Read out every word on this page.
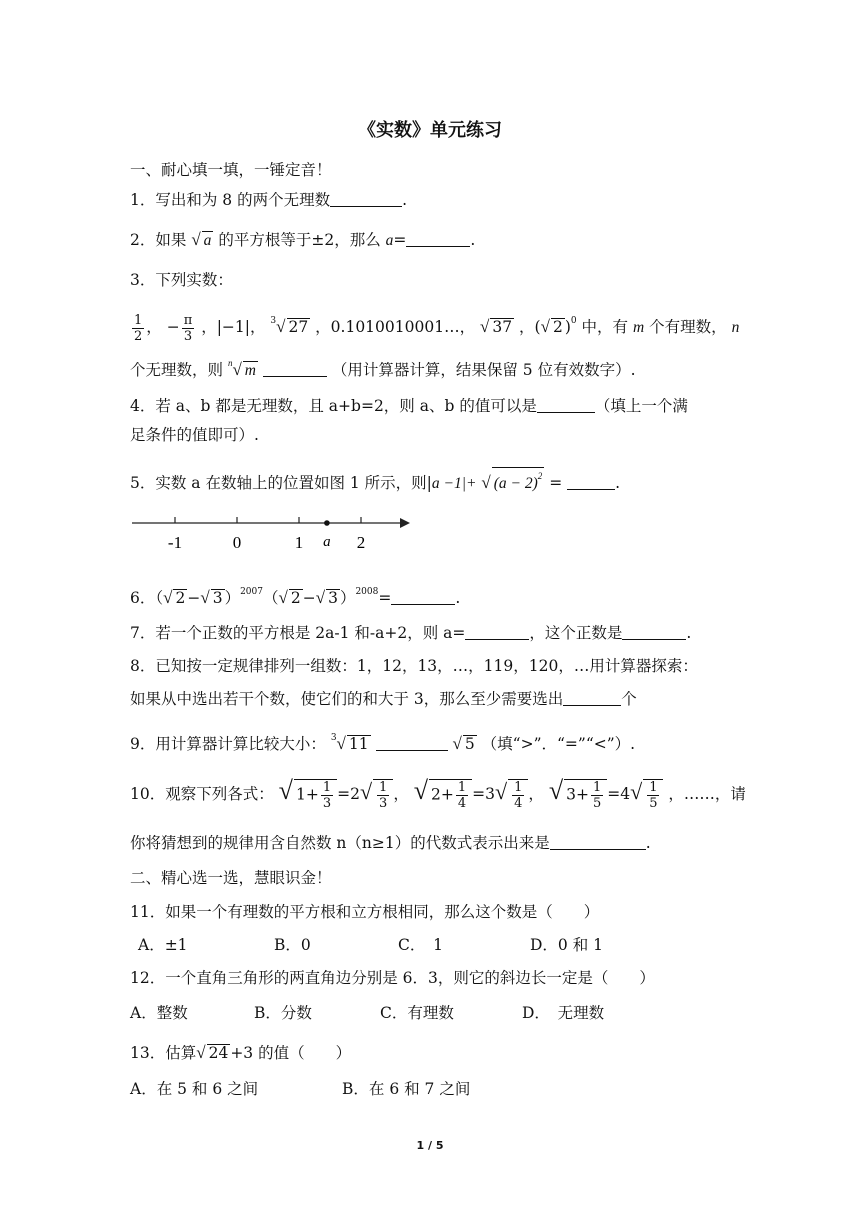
《实数》单元练习
一、耐心填一填，一锤定音！
1．写出和为 8 的两个无理数	.
2．如果 √ a 的平方根等于±2，那么 a=	.
3．下列实数：
$\frac{1}{2}$ ， − $\frac{\pi}{3}$ ，|−1|， $^3$√ 27 ，0.1010010001…， √ 37 ，(√ 2 )$^0$ 中，有 m 个有理数， n
个无理数，则 $^n$√ m	（用计算器计算，结果保留 5 位有效数字）.
4．若 a、b 都是无理数，且 a+b=2，则 a、b 的值可以是	（填上一个满
足条件的值即可）.
5．实数 a 在数轴上的位置如图 1 所示，则|a −1|+ √ $(a - 2)^2$ =	.
-1	0	1	2
a
6．（√ 2 −√ 3 ）$^{2007}$（√ 2 −√ 3 ）$^{2008}$=	.
7．若一个正数的平方根是 2a-1 和-a+2，则 a=	，这个正数是	.
8．已知按一定规律排列一组数：1，12，13，…，119，120，…用计算器探索：
如果从中选出若干个数，使它们的和大于 3，那么至少需要选出	个
9．用计算器计算比较大小： $^3$√ 11	√ 5 （填“>”．“=”“<”）.
10．观察下列各式： √ $1+ \frac{1}{3} =2√ \frac{1}{3}$ ， √ $2+ \frac{1}{4} =3√ \frac{1}{4}$ ， √ $3+ \frac{1}{5} =4√ \frac{1}{5}$ ，……，请
你将猜想到的规律用含自然数 n（n≥1）的代数式表示出来是	.
二、精心选一选，慧眼识金！
11．如果一个有理数的平方根和立方根相同，那么这个数是（　　）
A．±1	B．0	C．　1	D．0 和 1
12．一个直角三角形的两直角边分别是 6．3，则它的斜边长一定是（　　）
A．整数	B．分数	C．有理数	D．　无理数
13．估算√ 24 +3 的值（　　）
A．在 5 和 6 之间	B．在 6 和 7 之间
1 / 5
